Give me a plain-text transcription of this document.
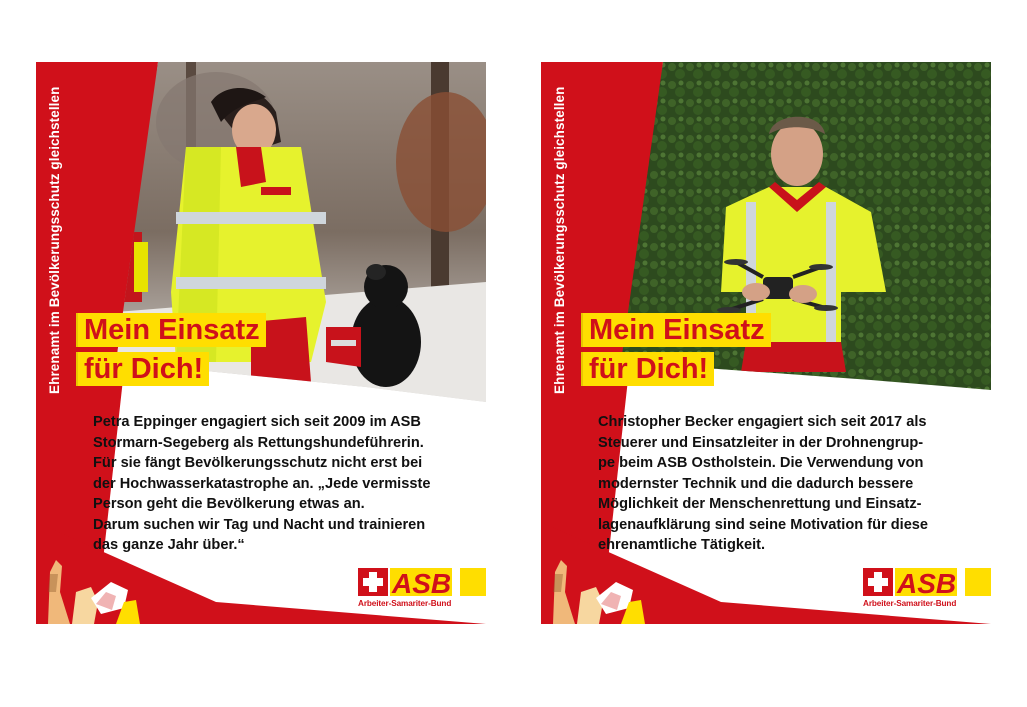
Ehrenamt im Bevölkerungsschutz gleichstellen Mein Einsatz
für Dich!

Petra Eppinger engagiert sich seit 2009 im ASB

Stormarn-Segeberg als Rettungshundeführerin.

Für sie fängt Bevölkerungsschutz nicht erst bei

der Hochwasserkatastrophe an. „Jede vermisste

Person geht die Bevölkerung etwas an.

Darum suchen wir Tag und Nacht und trainieren

das ganze Jahr über.“

ASB
Arbeiter-Samariter-Bund
Ehrenamt im Bevölkerungsschutz gleichstellen Mein Einsatz
für Dich!

Christopher Becker engagiert sich seit 2017 als

Steuerer und Einsatzleiter in der Drohnengrup-

pe beim ASB Ostholstein. Die Verwendung von

modernster Technik und die dadurch bessere

Möglichkeit der Menschenrettung und Einsatz-

lagenaufklärung sind seine Motivation für diese

ehrenamtliche Tätigkeit.

ASB
Arbeiter-Samariter-Bund
